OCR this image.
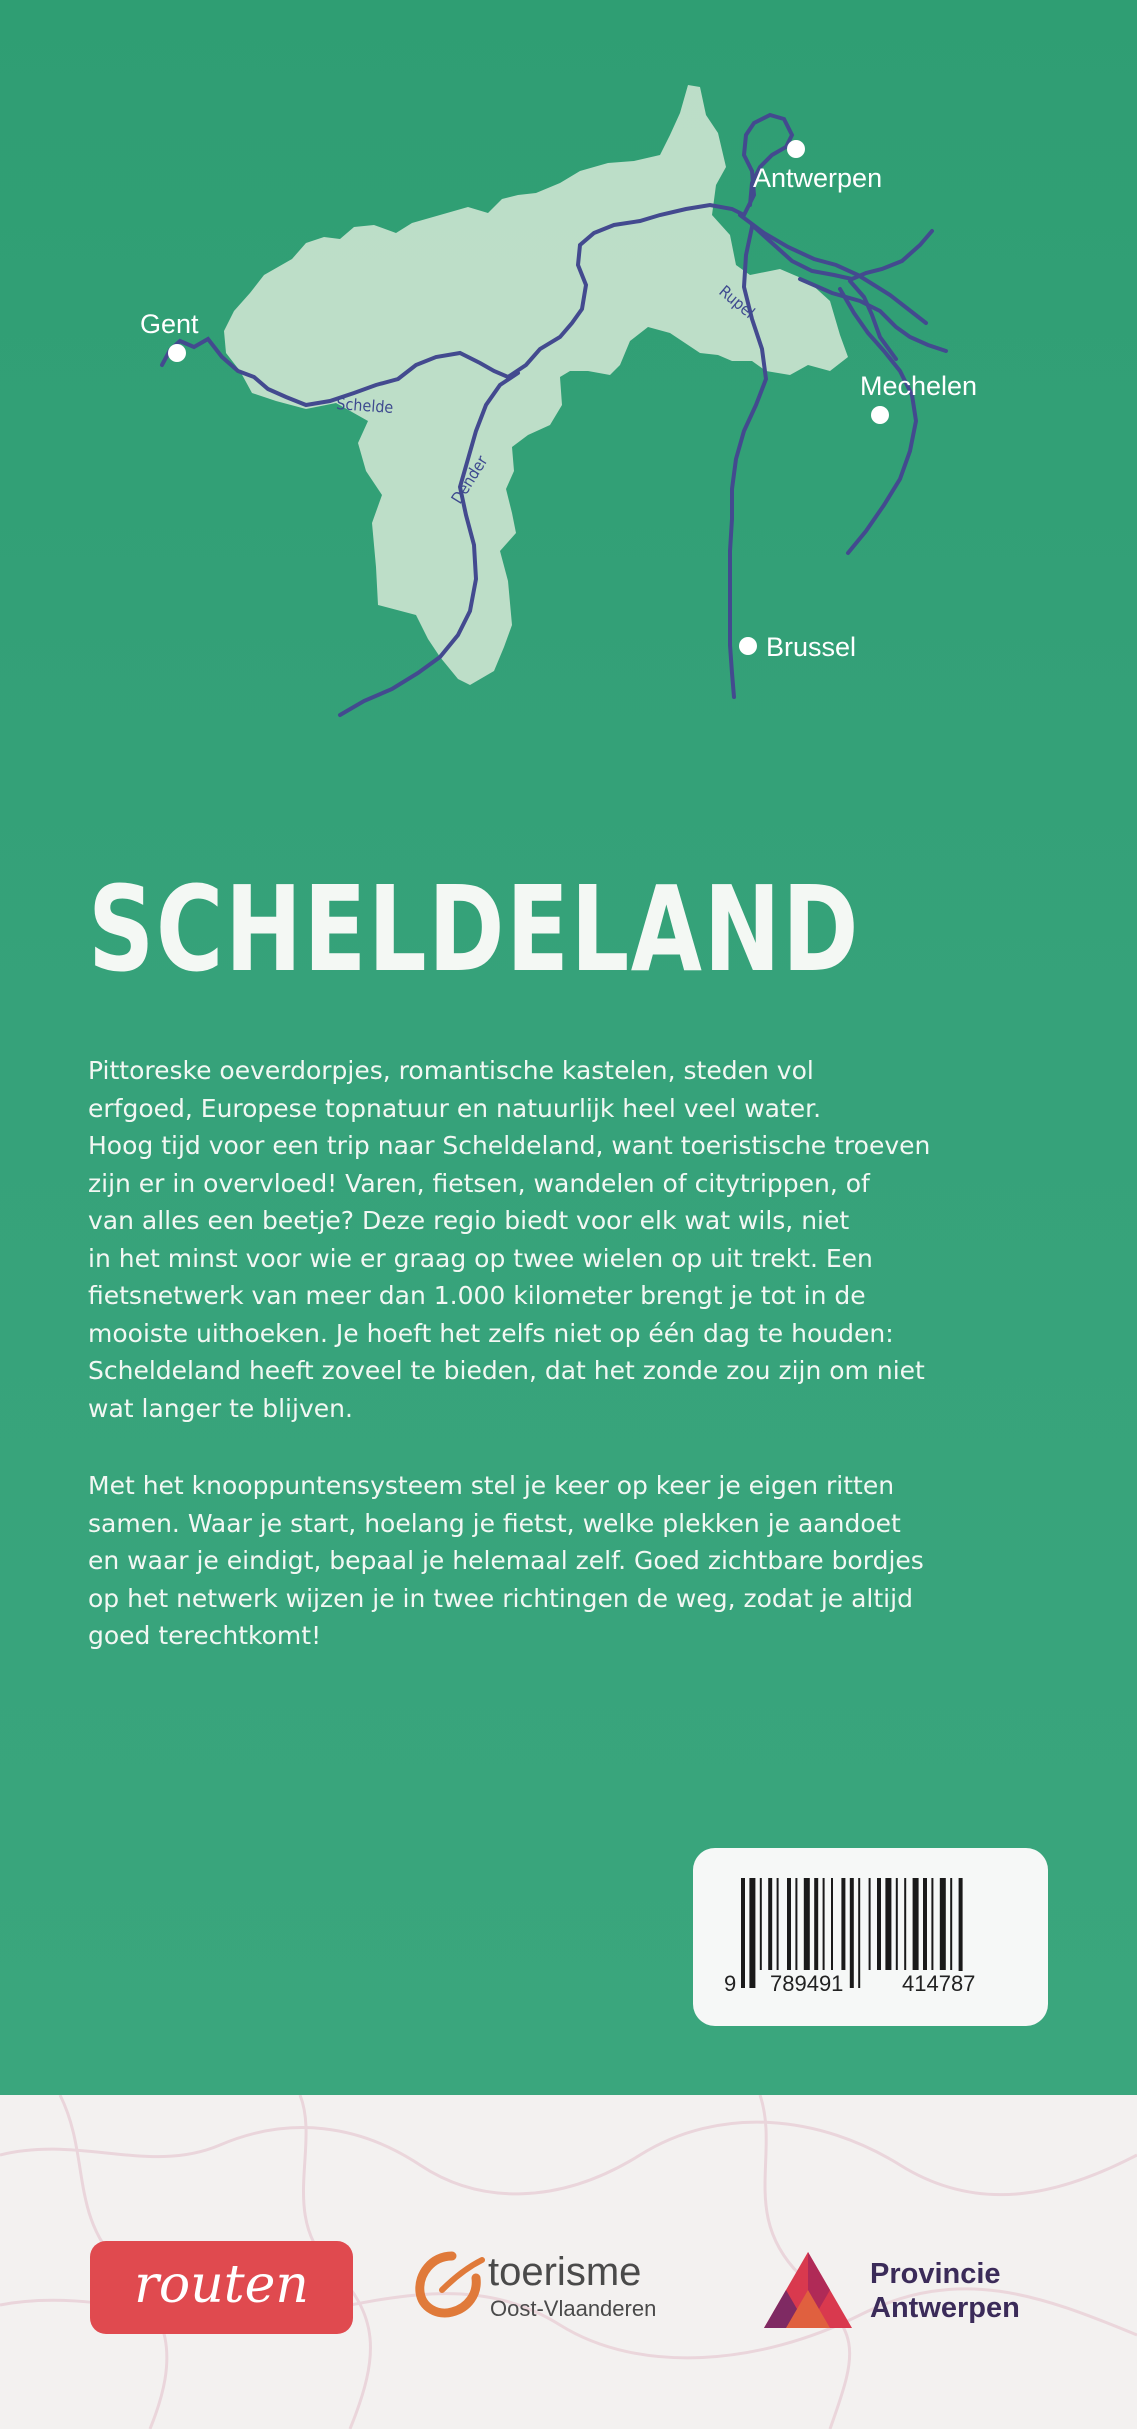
Schelde
Dender
Rupel
Antwerpen
Gent
Mechelen
Brussel
SCHELDELAND
Pittoreske oeverdorpjes, romantische kastelen, steden vol
erfgoed, Europese topnatuur en natuurlijk heel veel water.
Hoog tijd voor een trip naar Scheldeland, want toeristische troeven
zijn er in overvloed! Varen, fietsen, wandelen of citytrippen, of
van alles een beetje? Deze regio biedt voor elk wat wils, niet
in het minst voor wie er graag op twee wielen op uit trekt. Een
fietsnetwerk van meer dan 1.000 kilometer brengt je tot in de
mooiste uithoeken. Je hoeft het zelfs niet op één dag te houden:
Scheldeland heeft zoveel te bieden, dat het zonde zou zijn om niet
wat langer te blijven.
Met het knooppuntensysteem stel je keer op keer je eigen ritten
samen. Waar je start, hoelang je fietst, welke plekken je aandoet
en waar je eindigt, bepaal je helemaal zelf. Goed zichtbare bordjes
op het netwerk wijzen je in twee richtingen de weg, zodat je altijd
goed terechtkomt!
9 789491	414787
routen	toerisme
Oost-Vlaanderen
Provincie
Antwerpen
